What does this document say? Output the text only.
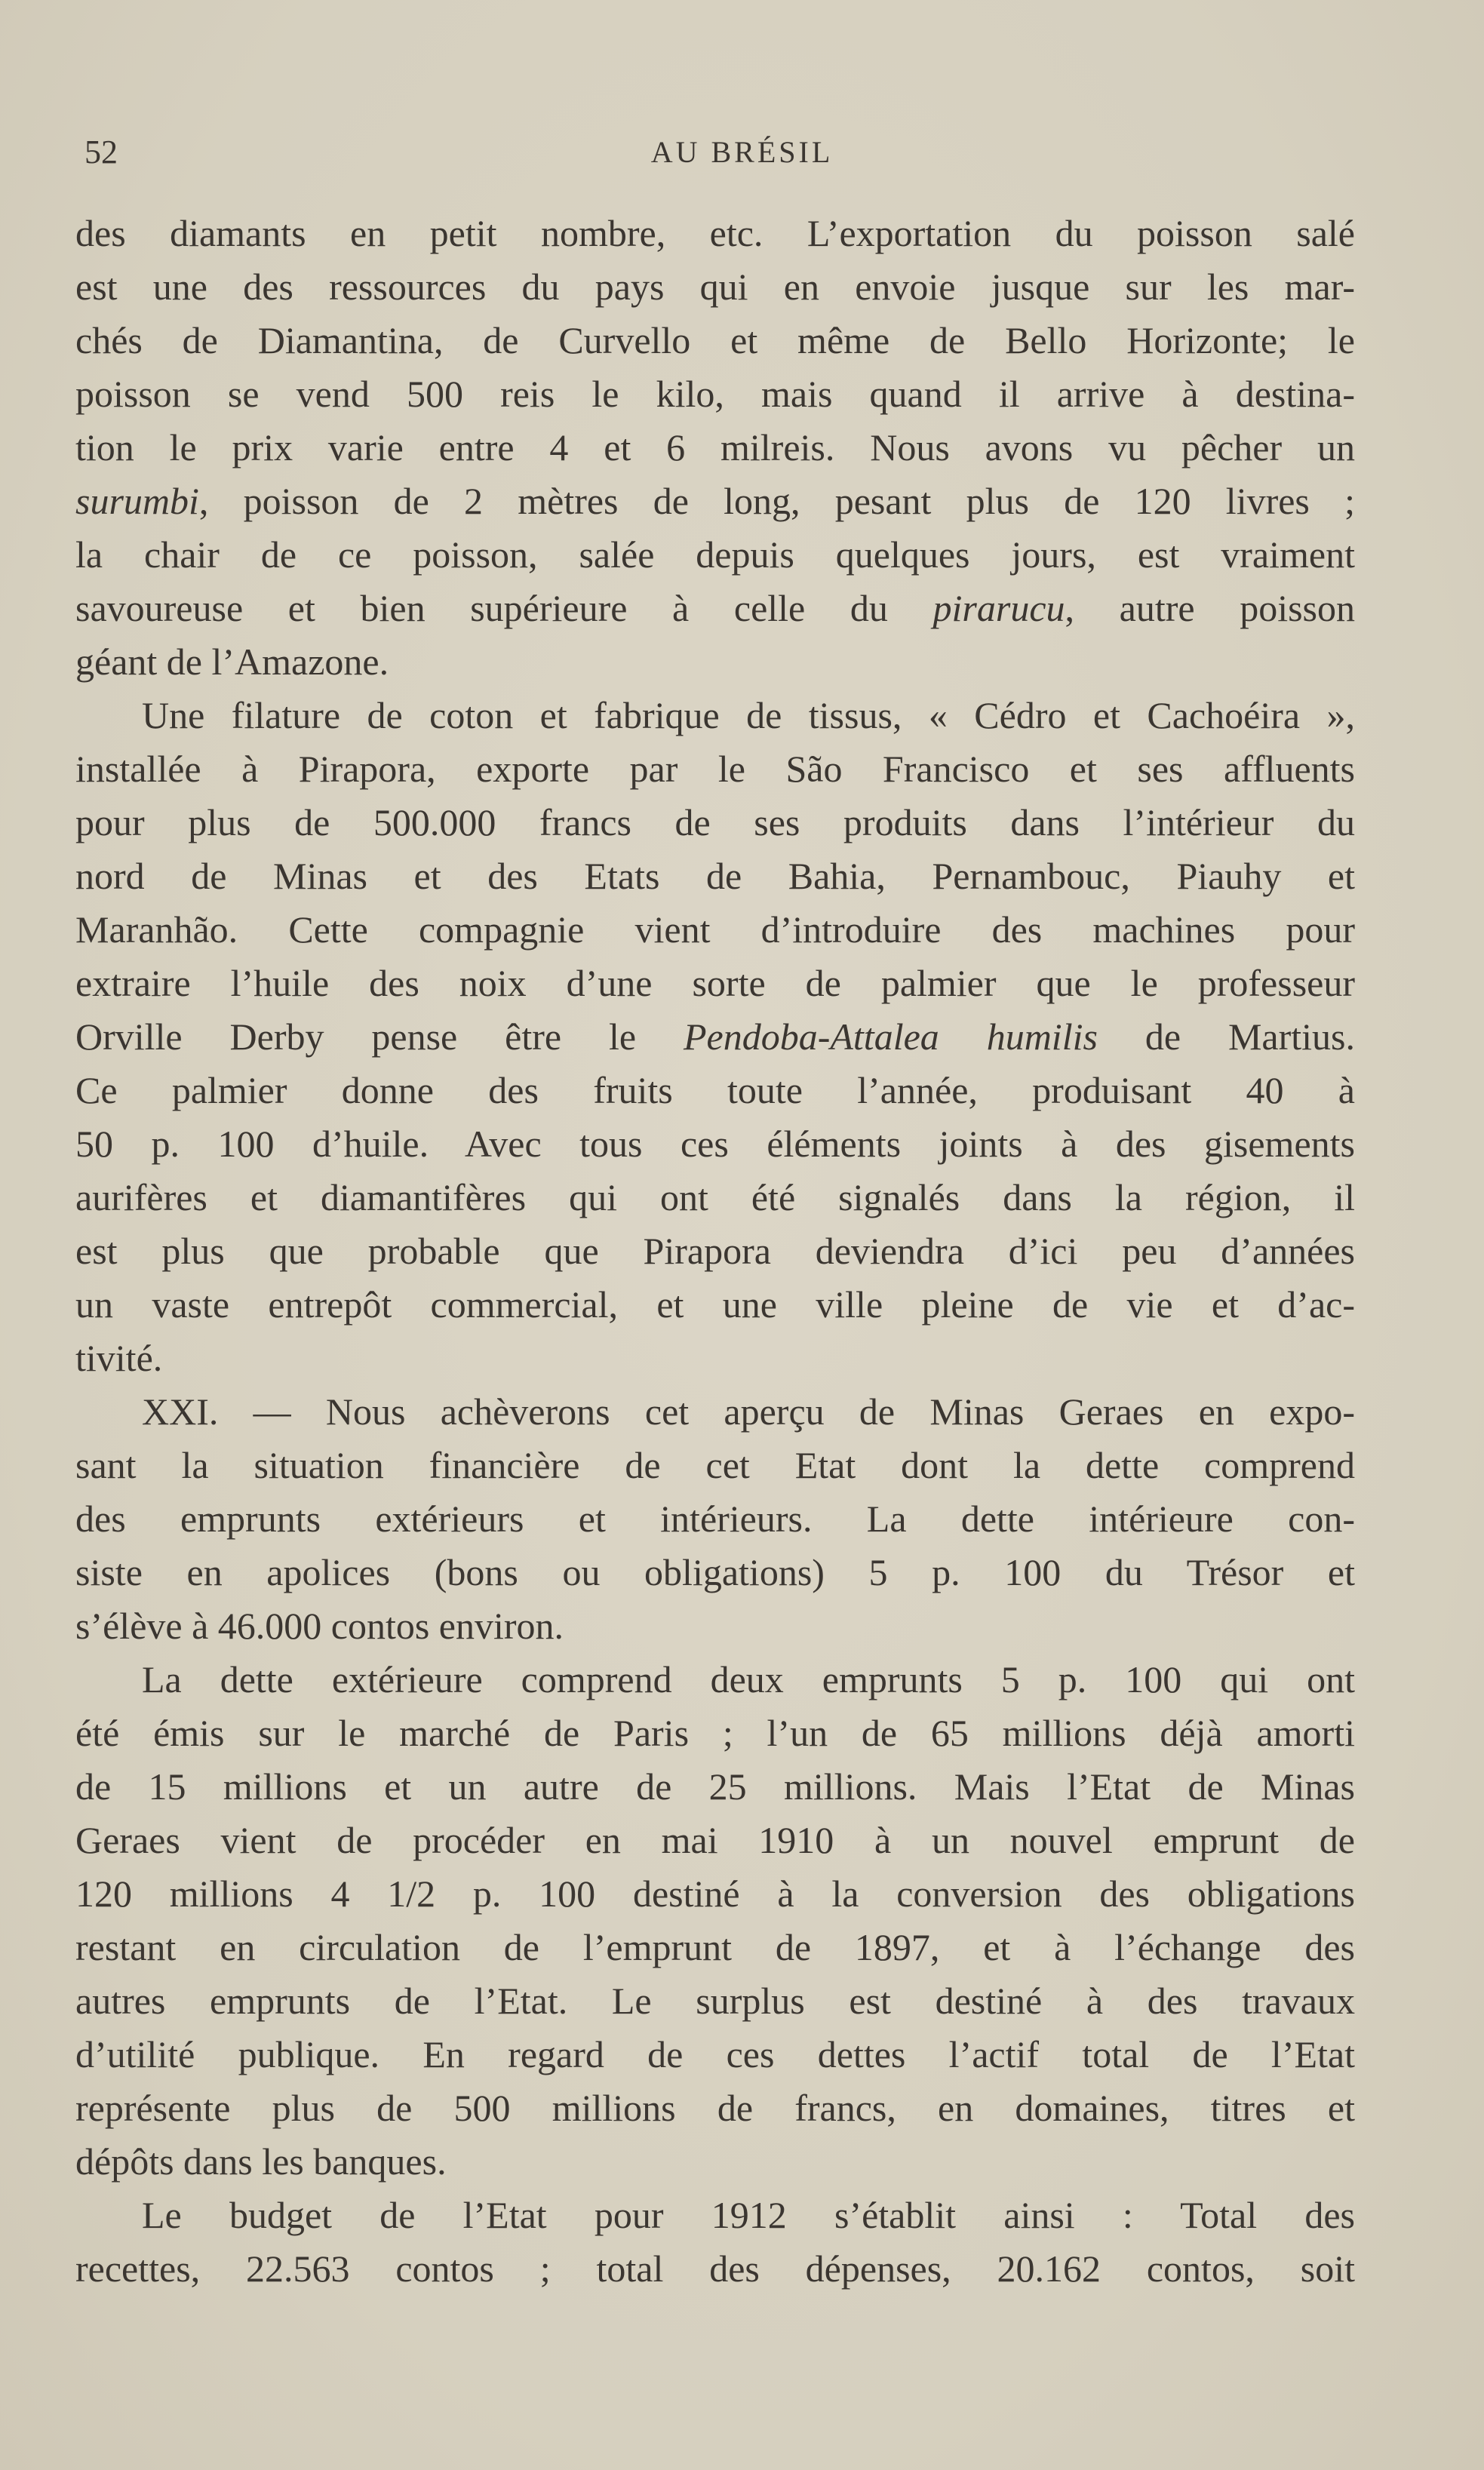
52	AU BRÉSIL
des diamants en petit nombre, etc. L’exportation du poisson salé
est une des ressources du pays qui en envoie jusque sur les mar-
chés de Diamantina, de Curvello et même de Bello Horizonte; le
poisson se vend 500 reis le kilo, mais quand il arrive à destina-
tion le prix varie entre 4 et 6 milreis. Nous avons vu pêcher un
surumbi, poisson de 2 mètres de long, pesant plus de 120 livres ;
la chair de ce poisson, salée depuis quelques jours, est vraiment
savoureuse et bien supérieure à celle du pirarucu, autre poisson
géant de l’Amazone.
Une filature de coton et fabrique de tissus, « Cédro et Cachoéira »,
installée à Pirapora, exporte par le São Francisco et ses affluents
pour plus de 500.000 francs de ses produits dans l’intérieur du
nord de Minas et des Etats de Bahia, Pernambouc, Piauhy et
Maranhão. Cette compagnie vient d’introduire des machines pour
extraire l’huile des noix d’une sorte de palmier que le professeur
Orville Derby pense être le Pendoba-Attalea humilis de Martius.
Ce palmier donne des fruits toute l’année, produisant 40 à
50 p. 100 d’huile. Avec tous ces éléments joints à des gisements
aurifères et diamantifères qui ont été signalés dans la région, il
est plus que probable que Pirapora deviendra d’ici peu d’années
un vaste entrepôt commercial, et une ville pleine de vie et d’ac-
tivité.
XXI. — Nous achèverons cet aperçu de Minas Geraes en expo-
sant la situation financière de cet Etat dont la dette comprend
des emprunts extérieurs et intérieurs. La dette intérieure con-
siste en apolices (bons ou obligations) 5 p. 100 du Trésor et
s’élève à 46.000 contos environ.
La dette extérieure comprend deux emprunts 5 p. 100 qui ont
été émis sur le marché de Paris ; l’un de 65 millions déjà amorti
de 15 millions et un autre de 25 millions. Mais l’Etat de Minas
Geraes vient de procéder en mai 1910 à un nouvel emprunt de
120 millions 4 1/2 p. 100 destiné à la conversion des obligations
restant en circulation de l’emprunt de 1897, et à l’échange des
autres emprunts de l’Etat. Le surplus est destiné à des travaux
d’utilité publique. En regard de ces dettes l’actif total de l’Etat
représente plus de 500 millions de francs, en domaines, titres et
dépôts dans les banques.
Le budget de l’Etat pour 1912 s’établit ainsi : Total des
recettes, 22.563 contos ; total des dépenses, 20.162 contos, soit
